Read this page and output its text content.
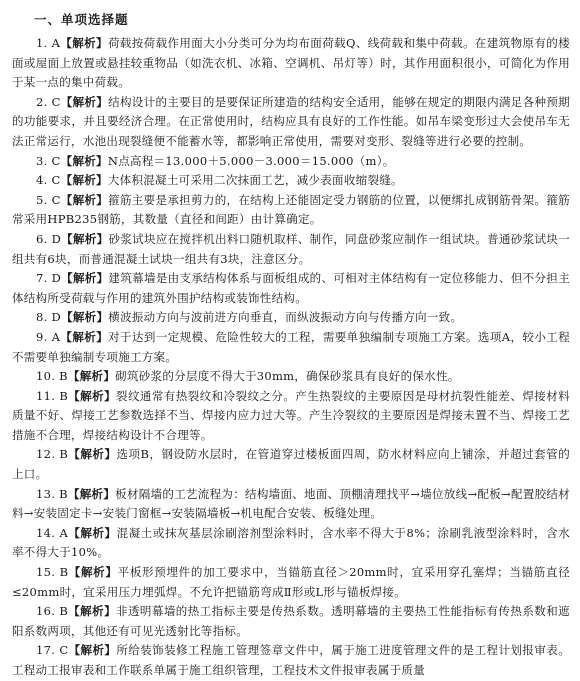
一、单项选择题

1. A【解析】荷载按荷载作用面大小分类可分为均布面荷载Q、线荷载和集中荷载。在建筑物原有的楼面或屋面上放置或悬挂较重物品（如洗衣机、冰箱、空调机、吊灯等）时，其作用面积很小，可简化为作用于某一点的集中荷载。

2. C【解析】结构设计的主要目的是要保证所建造的结构安全适用，能够在规定的期限内满足各种预期的功能要求，并且要经济合理。在正常使用时，结构应具有良好的工作性能。如吊车梁变形过大会使吊车无法正常运行，水池出现裂缝便不能蓄水等，都影响正常使用，需要对变形、裂缝等进行必要的控制。

3. C【解析】N点高程＝13.000＋5.000－3.000＝15.000（m）。

4. C【解析】大体积混凝土可采用二次抹面工艺，减少表面收缩裂缝。

5. C【解析】箍筋主要是承担剪力的，在结构上还能固定受力钢筋的位置，以便绑扎成钢筋骨架。箍筋常采用HPB235钢筋，其数量（直径和间距）由计算确定。

6. D【解析】砂浆试块应在搅拌机出料口随机取样、制作，同盘砂浆应制作一组试块。普通砂浆试块一组共有6块，而普通混凝土试块一组共有3块，注意区分。

7. D【解析】建筑幕墙是由支承结构体系与面板组成的、可相对主体结构有一定位移能力、但不分担主体结构所受荷载与作用的建筑外围护结构或装饰性结构。

8. D【解析】横波振动方向与波前进方向垂直，而纵波振动方向与传播方向一致。

9. A【解析】对于达到一定规模、危险性较大的工程，需要单独编制专项施工方案。选项A，较小工程不需要单独编制专项施工方案。

10. B【解析】砌筑砂浆的分层度不得大于30mm，确保砂浆具有良好的保水性。

11. B【解析】裂纹通常有热裂纹和冷裂纹之分。产生热裂纹的主要原因是母材抗裂性能差、焊接材料质量不好、焊接工艺参数选择不当、焊接内应力过大等。产生冷裂纹的主要原因是焊接未置不当、焊接工艺措施不合理，焊接结构设计不合理等。

12. B【解析】选项B，钢设防水层时，在管道穿过楼板面四周，防水材料应向上铺涂，并超过套管的上口。

13. B【解析】板材隔墙的工艺流程为：结构墙面、地面、顶棚清理找平→墙位放线→配板→配置胶结材料→安装固定卡→安装门窗框→安装隔墙板→机电配合安装、板缝处理。

14. A【解析】混凝土或抹灰基层涂刷溶剂型涂料时，含水率不得大于8%；涂刷乳液型涂料时，含水率不得大于10%。

15. B【解析】平板形预埋件的加工要求中，当锚筋直径＞20mm时，宜采用穿孔塞焊；当锚筋直径≤20mm时，宜采用压力埋弧焊。不允许把锚筋弯成Ⅱ形或L形与锚板焊接。

16. B【解析】非透明幕墙的热工指标主要是传热系数。透明幕墙的主要热工性能指标有传热系数和遮阳系数两项，其他还有可见光透射比等指标。

17. C【解析】所给装饰装修工程施工管理签章文件中，属于施工进度管理文件的是工程计划报审表。工程动工报审表和工作联系单属于施工组织管理，工程技术文件报审表属于质量
